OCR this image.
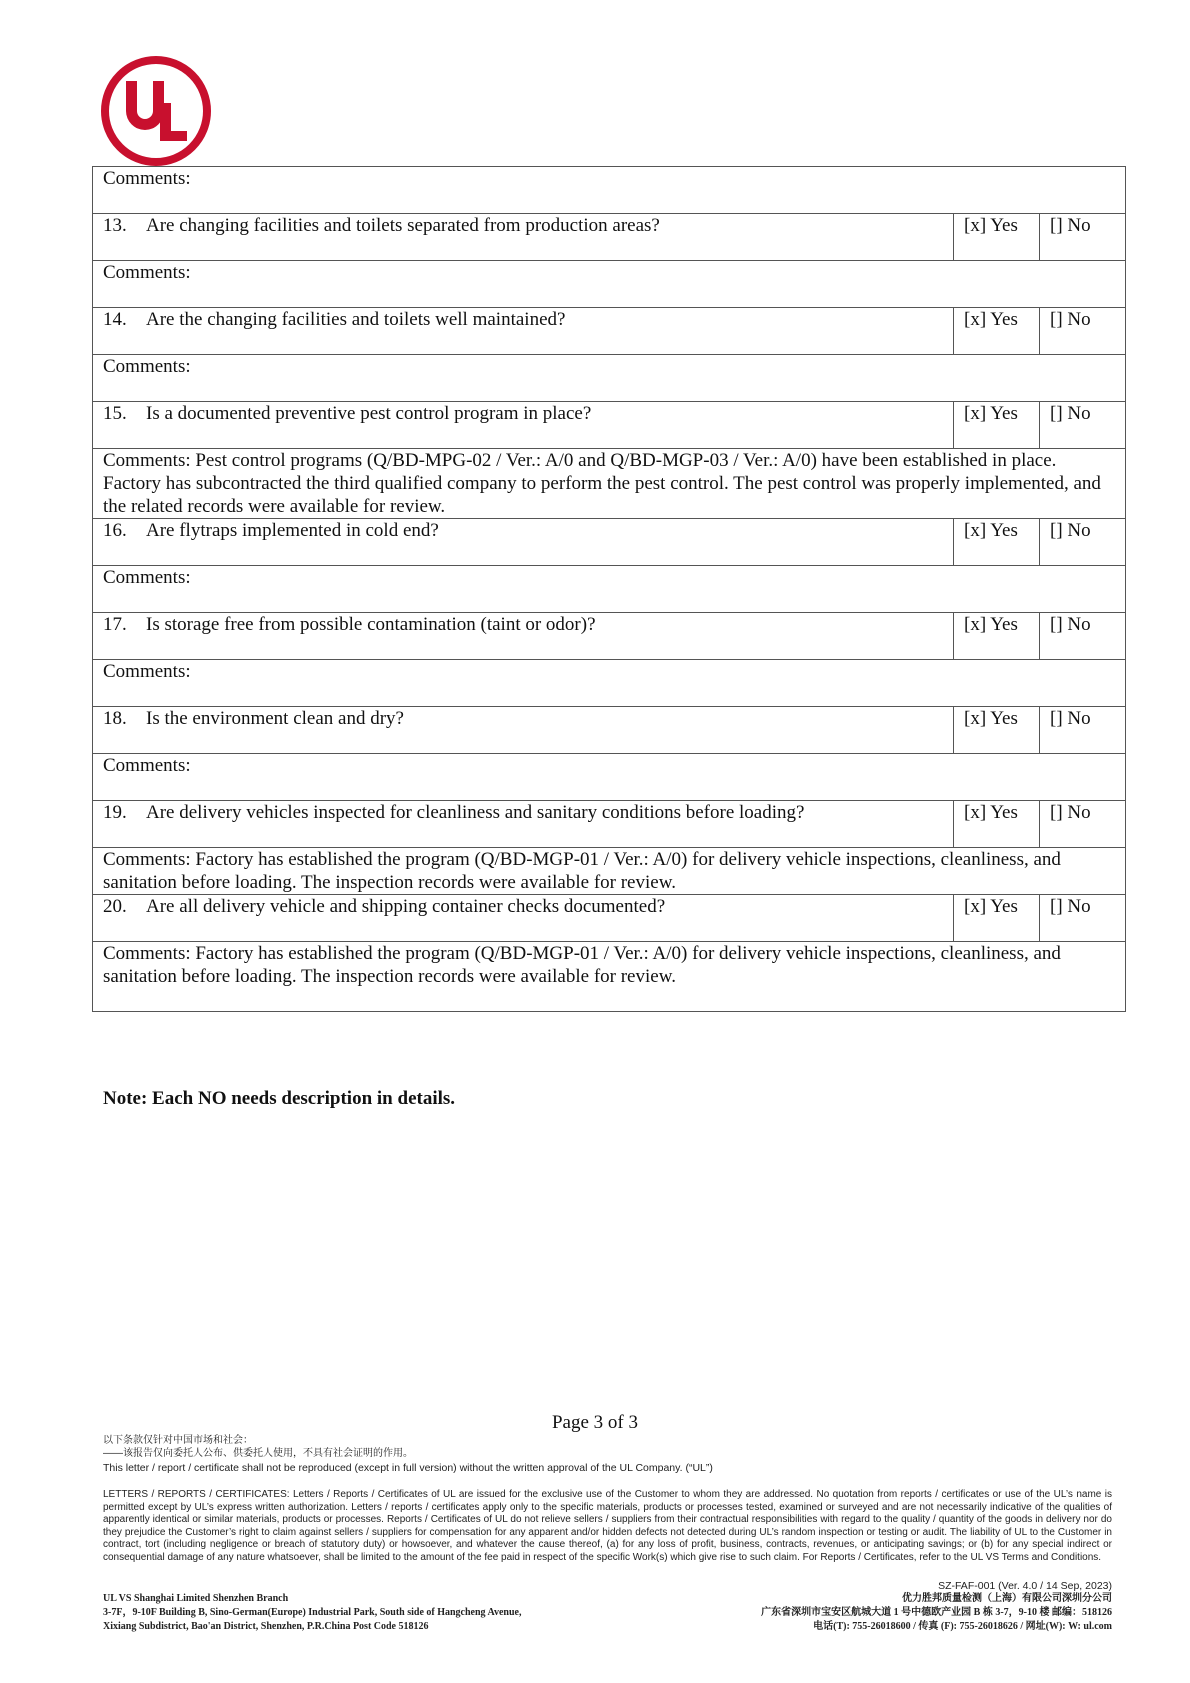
Comments:		
13. Are changing facilities and toilets separated from production areas?	[x] Yes	[] No
Comments:		
14. Are the changing facilities and toilets well maintained?	[x] Yes	[] No
Comments:		
15. Is a documented preventive pest control program in place?	[x] Yes	[] No
Comments: Pest control programs (Q/BD-MPG-02 / Ver.: A/0 and Q/BD-MGP-03 / Ver.: A/0) have been established in place. Factory has subcontracted the third qualified company to perform the pest control. The pest control was properly implemented, and the related records were available for review.		
16. Are flytraps implemented in cold end?	[x] Yes	[] No
Comments:		
17. Is storage free from possible contamination (taint or odor)?	[x] Yes	[] No
Comments:		
18. Is the environment clean and dry?	[x] Yes	[] No
Comments:		
19. Are delivery vehicles inspected for cleanliness and sanitary conditions before loading?	[x] Yes	[] No
Comments: Factory has established the program (Q/BD-MGP-01 / Ver.: A/0) for delivery vehicle inspections, cleanliness, and sanitation before loading. The inspection records were available for review.		
20. Are all delivery vehicle and shipping container checks documented?	[x] Yes	[] No
Comments: Factory has established the program (Q/BD-MGP-01 / Ver.: A/0) for delivery vehicle inspections, cleanliness, and sanitation before loading. The inspection records were available for review.		
Note: Each NO needs description in details.
Page 3 of 3
以下条款仅针对中国市场和社会：
——该报告仅向委托人公布、供委托人使用，不具有社会证明的作用。
This letter / report / certificate shall not be reproduced (except in full version) without the written approval of the UL Company. (“UL”)
LETTERS / REPORTS / CERTIFICATES: Letters / Reports / Certificates of UL are issued for the exclusive use of the Customer to whom they are addressed. No quotation from reports / certificates or use of the UL’s name is permitted except by UL’s express written authorization. Letters / reports / certificates apply only to the specific materials, products or processes tested, examined or surveyed and are not necessarily indicative of the qualities of apparently identical or similar materials, products or processes. Reports / Certificates of UL do not relieve sellers / suppliers from their contractual responsibilities with regard to the quality / quantity of the goods in delivery nor do they prejudice the Customer’s right to claim against sellers / suppliers for compensation for any apparent and/or hidden defects not detected during UL’s random inspection or testing or audit. The liability of UL to the Customer in contract, tort (including negligence or breach of statutory duty) or howsoever, and whatever the cause thereof, (a) for any loss of profit, business, contracts, revenues, or anticipating savings; or (b) for any special indirect or consequential damage of any nature whatsoever, shall be limited to the amount of the fee paid in respect of the specific Work(s) which give rise to such claim. For Reports / Certificates, refer to the UL VS Terms and Conditions.
SZ-FAF-001 (Ver. 4.0 / 14 Sep, 2023)
UL VS Shanghai Limited Shenzhen Branch
3-7F，9-10F Building B, Sino-German(Europe) Industrial Park, South side of Hangcheng Avenue,
Xixiang Subdistrict, Bao'an District, Shenzhen, P.R.China Post Code 518126
优力胜邦质量检测（上海）有限公司深圳分公司
广东省深圳市宝安区航城大道 1 号中德欧产业园 B 栋 3-7，9-10 楼 邮编：518126
电话(T): 755-26018600 / 传真 (F): 755-26018626 / 网址(W): W: ul.com
